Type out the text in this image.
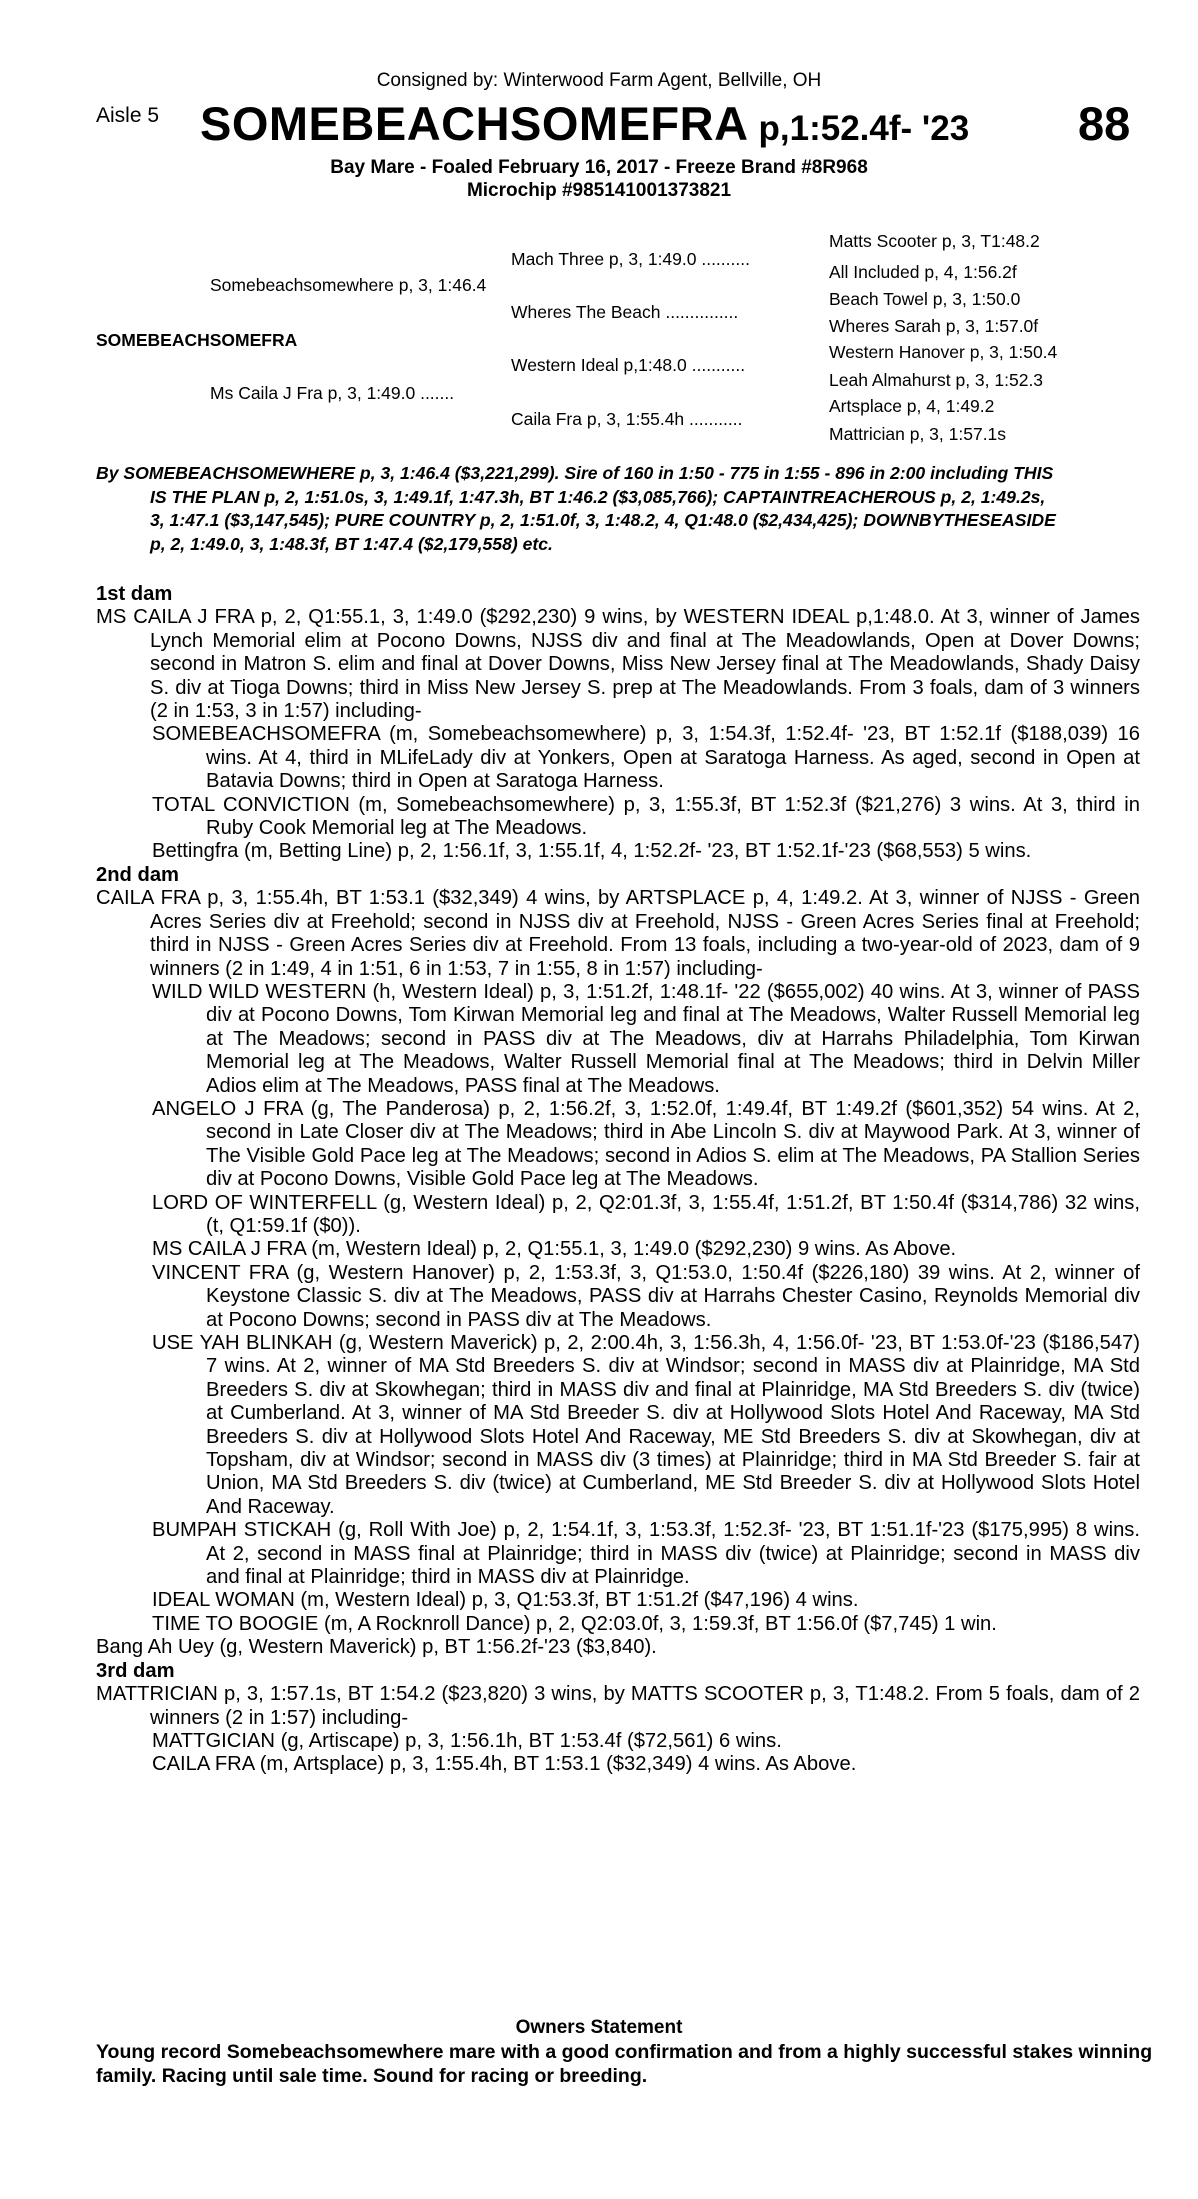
Consigned by: Winterwood Farm Agent, Bellville, OH
Aisle 5 SOMEBEACHSOMEFRA p,1:52.4f- '23 88
Bay Mare - Foaled February 16, 2017 - Freeze Brand #8R968
Microchip #985141001373821
Matts Scooter p, 3, T1:48.2
Mach Three p, 3, 1:49.0 ..........
All Included p, 4, 1:56.2f
Somebeachsomewhere p, 3, 1:46.4
Beach Towel p, 3, 1:50.0
Wheres The Beach ...............
Wheres Sarah p, 3, 1:57.0f
SOMEBEACHSOMEFRA
Western Hanover p, 3, 1:50.4
Western Ideal p,1:48.0 ...........
Leah Almahurst p, 3, 1:52.3
Ms Caila J Fra p, 3, 1:49.0 .......
Artsplace p, 4, 1:49.2
Caila Fra p, 3, 1:55.4h ...........
Mattrician p, 3, 1:57.1s
By SOMEBEACHSOMEWHERE p, 3, 1:46.4 ($3,221,299). Sire of 160 in 1:50 - 775 in 1:55 - 896 in 2:00 including THIS
IS THE PLAN p, 2, 1:51.0s, 3, 1:49.1f, 1:47.3h, BT 1:46.2 ($3,085,766); CAPTAINTREACHEROUS p, 2, 1:49.2s,
3, 1:47.1 ($3,147,545); PURE COUNTRY p, 2, 1:51.0f, 3, 1:48.2, 4, Q1:48.0 ($2,434,425); DOWNBYTHESEASIDE
p, 2, 1:49.0, 3, 1:48.3f, BT 1:47.4 ($2,179,558) etc.

1st dam

MS CAILA J FRA p, 2, Q1:55.1, 3, 1:49.0 ($292,230) 9 wins, by WESTERN IDEAL p,1:48.0. At 3, winner of James Lynch Memorial elim at Pocono Downs, NJSS div and final at The Meadowlands, Open at Dover Downs; second in Matron S. elim and final at Dover Downs, Miss New Jersey final at The Meadowlands, Shady Daisy S. div at Tioga Downs; third in Miss New Jersey S. prep at The Meadowlands. From 3 foals, dam of 3 winners (2 in 1:53, 3 in 1:57) including-

SOMEBEACHSOMEFRA (m, Somebeachsomewhere) p, 3, 1:54.3f, 1:52.4f- '23, BT 1:52.1f ($188,039) 16 wins. At 4, third in MLifeLady div at Yonkers, Open at Saratoga Harness. As aged, second in Open at Batavia Downs; third in Open at Saratoga Harness.

TOTAL CONVICTION (m, Somebeachsomewhere) p, 3, 1:55.3f, BT 1:52.3f ($21,276) 3 wins. At 3, third in Ruby Cook Memorial leg at The Meadows.

Bettingfra (m, Betting Line) p, 2, 1:56.1f, 3, 1:55.1f, 4, 1:52.2f- '23, BT 1:52.1f-'23 ($68,553) 5 wins.

2nd dam

CAILA FRA p, 3, 1:55.4h, BT 1:53.1 ($32,349) 4 wins, by ARTSPLACE p, 4, 1:49.2. At 3, winner of NJSS - Green Acres Series div at Freehold; second in NJSS div at Freehold, NJSS - Green Acres Series final at Freehold; third in NJSS - Green Acres Series div at Freehold. From 13 foals, including a two-year-old of 2023, dam of 9 winners (2 in 1:49, 4 in 1:51, 6 in 1:53, 7 in 1:55, 8 in 1:57) including-

WILD WILD WESTERN (h, Western Ideal) p, 3, 1:51.2f, 1:48.1f- '22 ($655,002) 40 wins. At 3, winner of PASS div at Pocono Downs, Tom Kirwan Memorial leg and final at The Meadows, Walter Russell Memorial leg at The Meadows; second in PASS div at The Meadows, div at Harrahs Philadelphia, Tom Kirwan Memorial leg at The Meadows, Walter Russell Memorial final at The Meadows; third in Delvin Miller Adios elim at The Meadows, PASS final at The Meadows.

ANGELO J FRA (g, The Panderosa) p, 2, 1:56.2f, 3, 1:52.0f, 1:49.4f, BT 1:49.2f ($601,352) 54 wins. At 2, second in Late Closer div at The Meadows; third in Abe Lincoln S. div at Maywood Park. At 3, winner of The Visible Gold Pace leg at The Meadows; second in Adios S. elim at The Meadows, PA Stallion Series div at Pocono Downs, Visible Gold Pace leg at The Meadows.

LORD OF WINTERFELL (g, Western Ideal) p, 2, Q2:01.3f, 3, 1:55.4f, 1:51.2f, BT 1:50.4f ($314,786) 32 wins, (t, Q1:59.1f ($0)).

MS CAILA J FRA (m, Western Ideal) p, 2, Q1:55.1, 3, 1:49.0 ($292,230) 9 wins. As Above.

VINCENT FRA (g, Western Hanover) p, 2, 1:53.3f, 3, Q1:53.0, 1:50.4f ($226,180) 39 wins. At 2, winner of Keystone Classic S. div at The Meadows, PASS div at Harrahs Chester Casino, Reynolds Memorial div at Pocono Downs; second in PASS div at The Meadows.

USE YAH BLINKAH (g, Western Maverick) p, 2, 2:00.4h, 3, 1:56.3h, 4, 1:56.0f- '23, BT 1:53.0f-'23 ($186,547) 7 wins. At 2, winner of MA Std Breeders S. div at Windsor; second in MASS div at Plainridge, MA Std Breeders S. div at Skowhegan; third in MASS div and final at Plainridge, MA Std Breeders S. div (twice) at Cumberland. At 3, winner of MA Std Breeder S. div at Hollywood Slots Hotel And Raceway, MA Std Breeders S. div at Hollywood Slots Hotel And Raceway, ME Std Breeders S. div at Skowhegan, div at Topsham, div at Windsor; second in MASS div (3 times) at Plainridge; third in MA Std Breeder S. fair at Union, MA Std Breeders S. div (twice) at Cumberland, ME Std Breeder S. div at Hollywood Slots Hotel And Raceway.

BUMPAH STICKAH (g, Roll With Joe) p, 2, 1:54.1f, 3, 1:53.3f, 1:52.3f- '23, BT 1:51.1f-'23 ($175,995) 8 wins. At 2, second in MASS final at Plainridge; third in MASS div (twice) at Plainridge; second in MASS div and final at Plainridge; third in MASS div at Plainridge.

IDEAL WOMAN (m, Western Ideal) p, 3, Q1:53.3f, BT 1:51.2f ($47,196) 4 wins.

TIME TO BOOGIE (m, A Rocknroll Dance) p, 2, Q2:03.0f, 3, 1:59.3f, BT 1:56.0f ($7,745) 1 win.

Bang Ah Uey (g, Western Maverick) p, BT 1:56.2f-'23 ($3,840).

3rd dam

MATTRICIAN p, 3, 1:57.1s, BT 1:54.2 ($23,820) 3 wins, by MATTS SCOOTER p, 3, T1:48.2. From 5 foals, dam of 2 winners (2 in 1:57) including-

MATTGICIAN (g, Artiscape) p, 3, 1:56.1h, BT 1:53.4f ($72,561) 6 wins.

CAILA FRA (m, Artsplace) p, 3, 1:55.4h, BT 1:53.1 ($32,349) 4 wins. As Above.

Owners Statement
Young record Somebeachsomewhere mare with a good confirmation and from a highly successful stakes winning family. Racing until sale time. Sound for racing or breeding.
